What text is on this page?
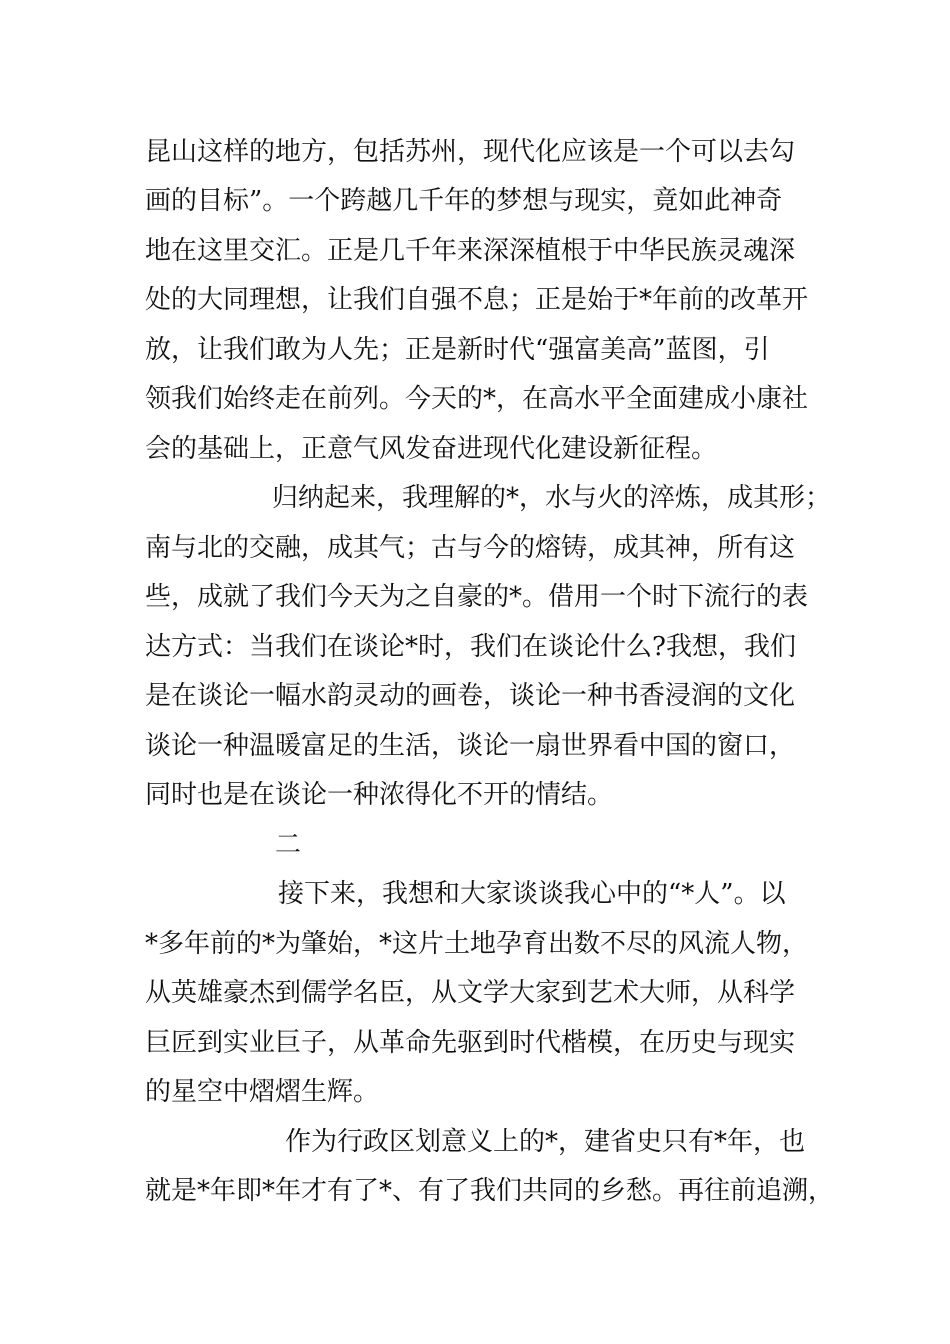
昆山这样的地方，包括苏州，现代化应该是一个可以去勾

画的目标”。一个跨越几千年的梦想与现实，竟如此神奇

地在这里交汇。正是几千年来深深植根于中华民族灵魂深

处的大同理想，让我们自强不息；正是始于*年前的改革开

放，让我们敢为人先；正是新时代“强富美高”蓝图，引

领我们始终走在前列。今天的*，在高水平全面建成小康社

会的基础上，正意气风发奋进现代化建设新征程。

归纳起来，我理解的*，水与火的淬炼，成其形；

南与北的交融，成其气；古与今的熔铸，成其神，所有这

些，成就了我们今天为之自豪的*。借用一个时下流行的表

达方式：当我们在谈论*时，我们在谈论什么?我想，我们

是在谈论一幅水韵灵动的画卷，谈论一种书香浸润的文化

谈论一种温暖富足的生活，谈论一扇世界看中国的窗口，

同时也是在谈论一种浓得化不开的情结。

二

接下来，我想和大家谈谈我心中的“*人”。以

*多年前的*为肇始，*这片土地孕育出数不尽的风流人物，

从英雄豪杰到儒学名臣，从文学大家到艺术大师，从科学

巨匠到实业巨子，从革命先驱到时代楷模，在历史与现实

的星空中熠熠生辉。

作为行政区划意义上的*，建省史只有*年，也

就是*年即*年才有了*、有了我们共同的乡愁。再往前追溯，
